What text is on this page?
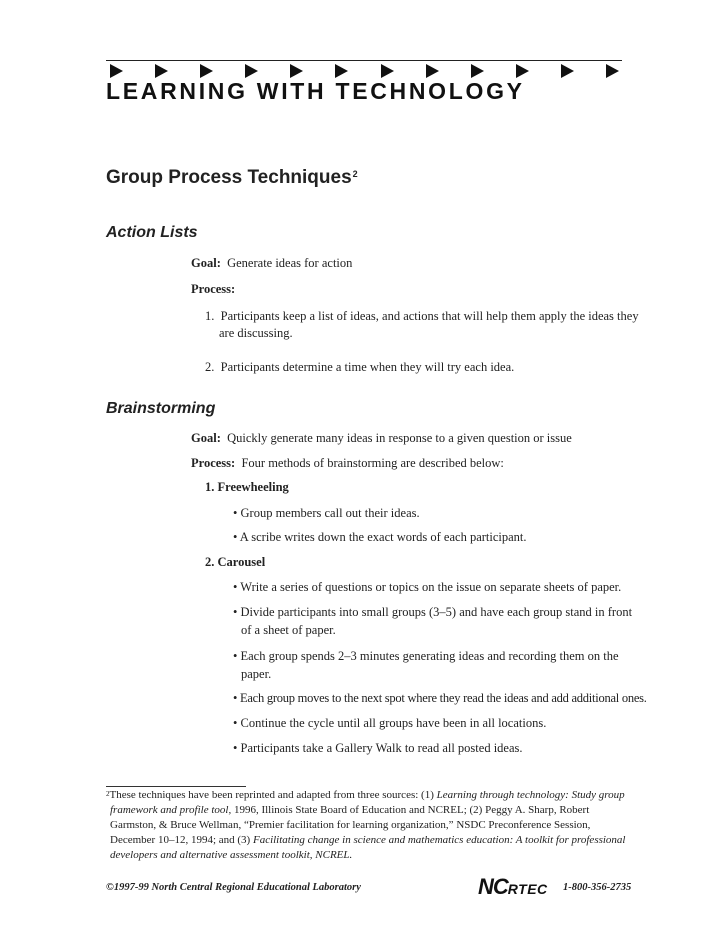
LEARNING WITH TECHNOLOGY
Group Process Techniques$^2$
Action Lists
Goal: Generate ideas for action
Process:
1. Participants keep a list of ideas, and actions that will help them apply the ideas they
are discussing.
2. Participants determine a time when they will try each idea.
Brainstorming
Goal: Quickly generate many ideas in response to a given question or issue
Process: Four methods of brainstorming are described below:
1. Freewheeling
• Group members call out their ideas.
• A scribe writes down the exact words of each participant.
2. Carousel
• Write a series of questions or topics on the issue on separate sheets of paper.
• Divide participants into small groups (3–5) and have each group stand in front
of a sheet of paper.
• Each group spends 2–3 minutes generating ideas and recording them on the
paper.
• Each group moves to the next spot where they read the ideas and add additional ones.
• Continue the cycle until all groups have been in all locations.
• Participants take a Gallery Walk to read all posted ideas.
$^2$These techniques have been reprinted and adapted from three sources: (1) Learning through technology: Study group
framework and profile tool, 1996, Illinois State Board of Education and NCREL; (2) Peggy A. Sharp, Robert
Garmston, & Bruce Wellman, “Premier facilitation for learning organization,” NSDC Preconference Session,
December 10–12, 1994; and (3) Facilitating change in science and mathematics education: A toolkit for professional
developers and alternative assessment toolkit, NCREL.
©1997-99 North Central Regional Educational Laboratory	NCRTEC 1-800-356-2735
